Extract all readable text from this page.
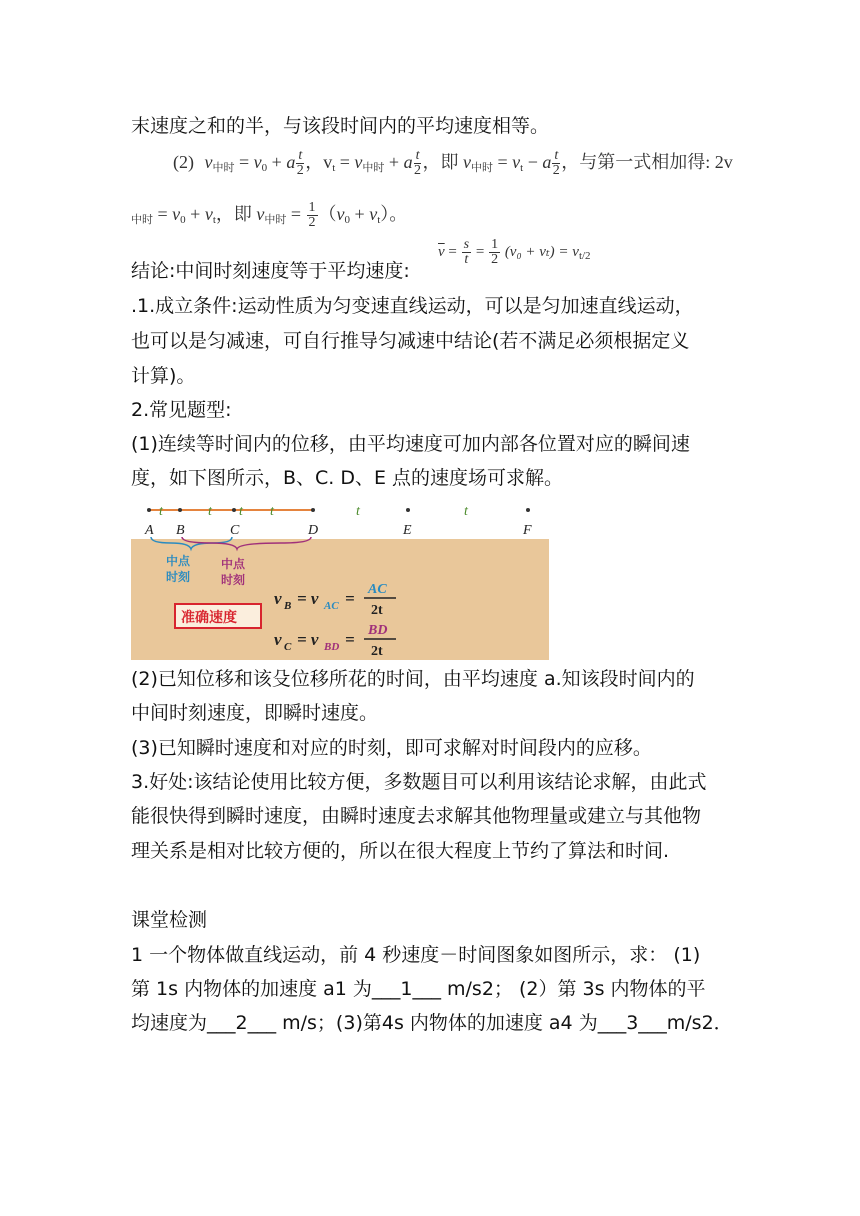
末速度之和的半，与该段时间内的平均速度相等。
(2) $v_{中时} = v_0 + a \frac{t}{2}$ ，$v_t = v_{中时} + a \frac{t}{2}$ ，即 $v_{中时} = v_t - a \frac{t}{2}$ ，与第一式相加得: 2v
$_{中时} = v_0 + v_t$，即 $v_{中时} = \frac{1}{2} (v_0 + v_t)$。
结论:中间时刻速度等于平均速度:
$\overline{v} = \frac{s}{t} = \frac{1}{2} (v_0 + v_t) = v_{t/2}$
.1.成立条件:运动性质为匀变速直线运动，可以是匀加速直线运动，
也可以是匀减速，可自行推导匀减速中结论(若不满足必须根据定义
计算)。
2.常见题型:
(1)连续等时间内的位移，由平均速度可加内部各位置对应的瞬间速
度，如下图所示，B、C. D、E 点的速度场可求解。
t	t t t	t	t
A B	C	D	E	F
中点
时刻
中点
时刻
准确速度
v B = v AC = AC
2t
v C = v BD = BD
2t
(2)已知位移和该殳位移所花的时间，由平均速度 a.知该段时间内的
中间时刻速度，即瞬时速度。
(3)已知瞬时速度和对应的时刻，即可求解对时间段内的应移。
3.好处:该结论使用比较方便，多数题目可以利用该结论求解，由此式
能很快得到瞬时速度，由瞬时速度去求解其他物理量或建立与其他物
理关系是相对比较方便的，所以在很大程度上节约了算法和时间.
课堂检测
1 一个物体做直线运动，前 4 秒速度－时间图象如图所示，求： (1)
第 1s 内物体的加速度 a1 为___1___ m/s2； (2）第 3s 内物体的平
均速度为___2___ m/s；(3)第4s 内物体的加速度 a4 为___3___m/s2．
